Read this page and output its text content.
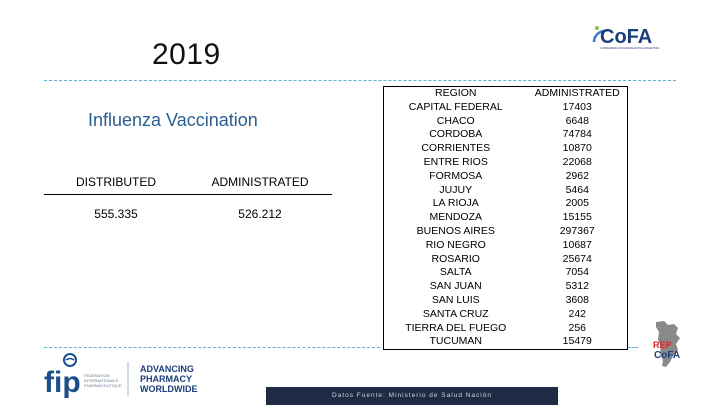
2019
CoFA
CONFEDERACIÓN FARMACÉUTICA ARGENTINA
Influenza Vaccination
DISTRIBUTED	ADMINISTRATED
555.335	526.212
REGION	ADMINISTRATED
CAPITAL FEDERAL	17403
CHACO	6648
CORDOBA	74784
CORRIENTES	10870
ENTRE RIOS	22068
FORMOSA	2962
JUJUY	5464
LA RIOJA	2005
MENDOZA	15155
BUENOS AIRES	297367
RIO NEGRO	10687
ROSARIO	25674
SALTA	7054
SAN JUAN	5312
SAN LUIS	3608
SANTA CRUZ	242
TIERRA DEL FUEGO	256
TUCUMAN	15479	REP
CoFA
fip FÉDÉRATION
INTERNATIONALE
PHARMACEUTIQUE
ADVANCING
PHARMACY
WORLDWIDE
Datos Fuente: Ministerio de Salud Nación
